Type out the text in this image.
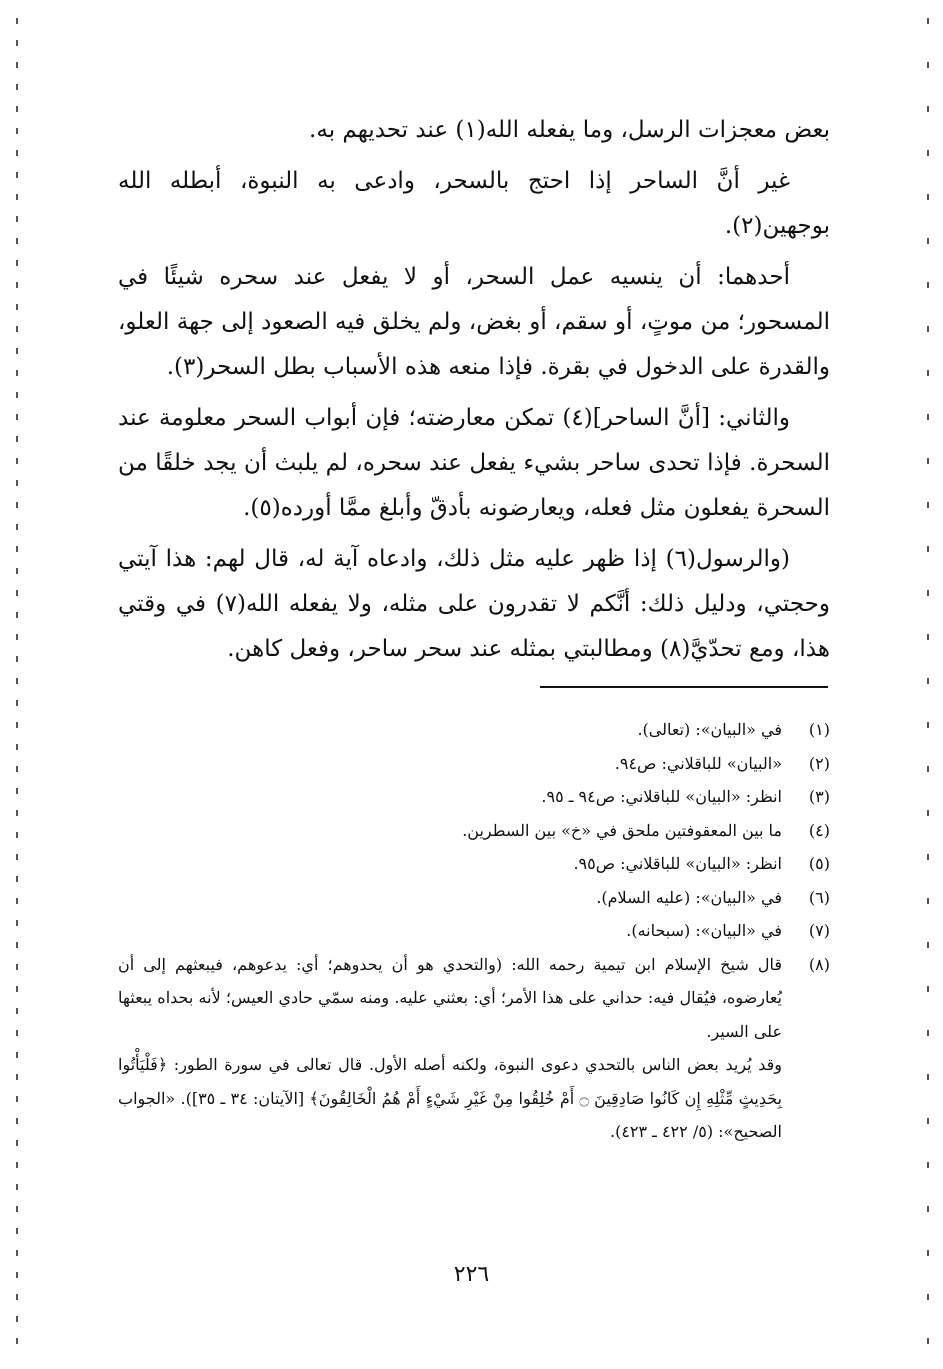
بعض معجزات الرسل، وما يفعله الله(١) عند تحديهم به.

غير أنَّ الساحر إذا احتج بالسحر، وادعى به النبوة، أبطله الله بوجهين(٢).

أحدهما: أن ينسيه عمل السحر، أو لا يفعل عند سحره شيئًا في المسحور؛ من موتٍ، أو سقم، أو بغض، ولم يخلق فيه الصعود إلى جهة العلو، والقدرة على الدخول في بقرة. فإذا منعه هذه الأسباب بطل السحر(٣).

والثاني: [أنَّ الساحر](٤) تمكن معارضته؛ فإن أبواب السحر معلومة عند السحرة. فإذا تحدى ساحر بشيء يفعل عند سحره، لم يلبث أن يجد خلقًا من السحرة يفعلون مثل فعله، ويعارضونه بأدقّ وأبلغ ممَّا أورده(٥).

(والرسول(٦) إذا ظهر عليه مثل ذلك، وادعاه آية له، قال لهم: هذا آيتي وحجتي، ودليل ذلك: أنَّكم لا تقدرون على مثله، ولا يفعله الله(٧) في وقتي هذا، ومع تحدّيَّ(٨) ومطالبتي بمثله عند سحر ساحر، وفعل كاهن.

(١)
في «البيان»: (تعالى).
(٢)
«البيان» للباقلاني: ص٩٤.
(٣)
انظر: «البيان» للباقلاني: ص٩٤ ـ ٩٥.
(٤)
ما بين المعقوفتين ملحق في «خ» بين السطرين.
(٥)
انظر: «البيان» للباقلاني: ص٩٥.
(٦)
في «البيان»: (عليه السلام).
(٧)
في «البيان»: (سبحانه).
(٨)
قال شيخ الإسلام ابن تيمية رحمه الله: (والتحدي هو أن يحدوهم؛ أي: يدعوهم، فيبعثهم إلى أن يُعارضوه، فيُقال فيه: حداني على هذا الأمر؛ أي: بعثني عليه. ومنه سمّي حادي العيس؛ لأنه بحداه يبعثها على السير.
وقد يُريد بعض الناس بالتحدي دعوى النبوة، ولكنه أصله الأول. قال تعالى في سورة الطور: ﴿فَلْيَأْتُوا بِحَدِيثٍ مِّثْلِهِ إِن كَانُوا صَادِقِينَ ۝ أَمْ خُلِقُوا مِنْ غَيْرِ شَيْءٍ أَمْ هُمُ الْخَالِقُونَ﴾ [الآيتان: ٣٤ ـ ٣٥]). «الجواب الصحيح»: (٥/ ٤٢٢ ـ ٤٢٣).
٢٢٦
